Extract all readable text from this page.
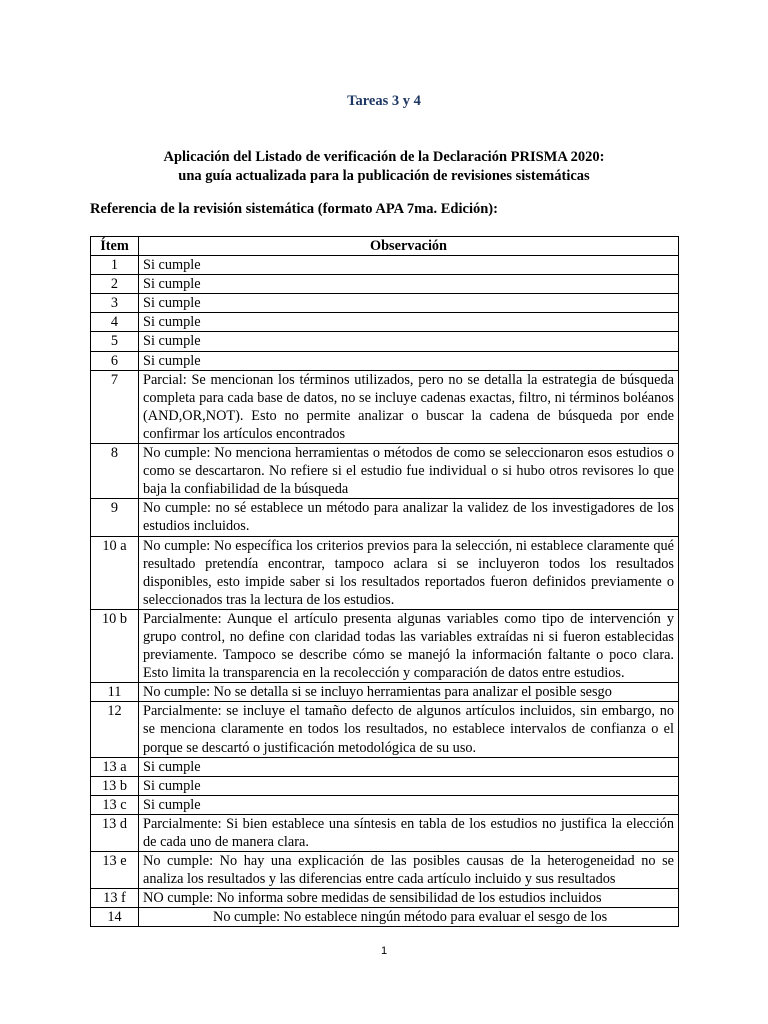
Tareas 3 y 4
Aplicación del Listado de verificación de la Declaración PRISMA 2020:
una guía actualizada para la publicación de revisiones sistemáticas
Referencia de la revisión sistemática (formato APA 7ma. Edición):
Ítem	Observación
1	Si cumple
2	Si cumple
3	Si cumple
4	Si cumple
5	Si cumple
6	Si cumple
7	Parcial: Se mencionan los términos utilizados, pero no se detalla la estrategia de búsqueda completa para cada base de datos, no se incluye cadenas exactas, filtro, ni términos boléanos (AND,OR,NOT). Esto no permite analizar o buscar la cadena de búsqueda por ende confirmar los artículos encontrados
8	No cumple: No menciona herramientas o métodos de como se seleccionaron esos estudios o como se descartaron. No refiere si el estudio fue individual o si hubo otros revisores lo que baja la confiabilidad de la búsqueda
9	No cumple: no sé establece un método para analizar la validez de los investigadores de los estudios incluidos.
10 a	No cumple: No específica los criterios previos para la selección, ni establece claramente qué resultado pretendía encontrar, tampoco aclara si se incluyeron todos los resultados disponibles, esto impide saber si los resultados reportados fueron definidos previamente o seleccionados tras la lectura de los estudios.
10 b	Parcialmente: Aunque el artículo presenta algunas variables como tipo de intervención y grupo control, no define con claridad todas las variables extraídas ni si fueron establecidas previamente. Tampoco se describe cómo se manejó la información faltante o poco clara. Esto limita la transparencia en la recolección y comparación de datos entre estudios.
11	No cumple: No se detalla si se incluyo herramientas para analizar el posible sesgo
12	Parcialmente: se incluye el tamaño defecto de algunos artículos incluidos, sin embargo, no se menciona claramente en todos los resultados, no establece intervalos de confianza o el porque se descartó o justificación metodológica de su uso.
13 a	Si cumple
13 b	Si cumple
13 c	Si cumple
13 d	Parcialmente: Si bien establece una síntesis en tabla de los estudios no justifica la elección de cada uno de manera clara.
13 e	No cumple: No hay una explicación de las posibles causas de la heterogeneidad no se analiza los resultados y las diferencias entre cada artículo incluido y sus resultados
13 f	NO cumple: No informa sobre medidas de sensibilidad de los estudios incluidos
14	No cumple: No establece ningún método para evaluar el sesgo de los
1
